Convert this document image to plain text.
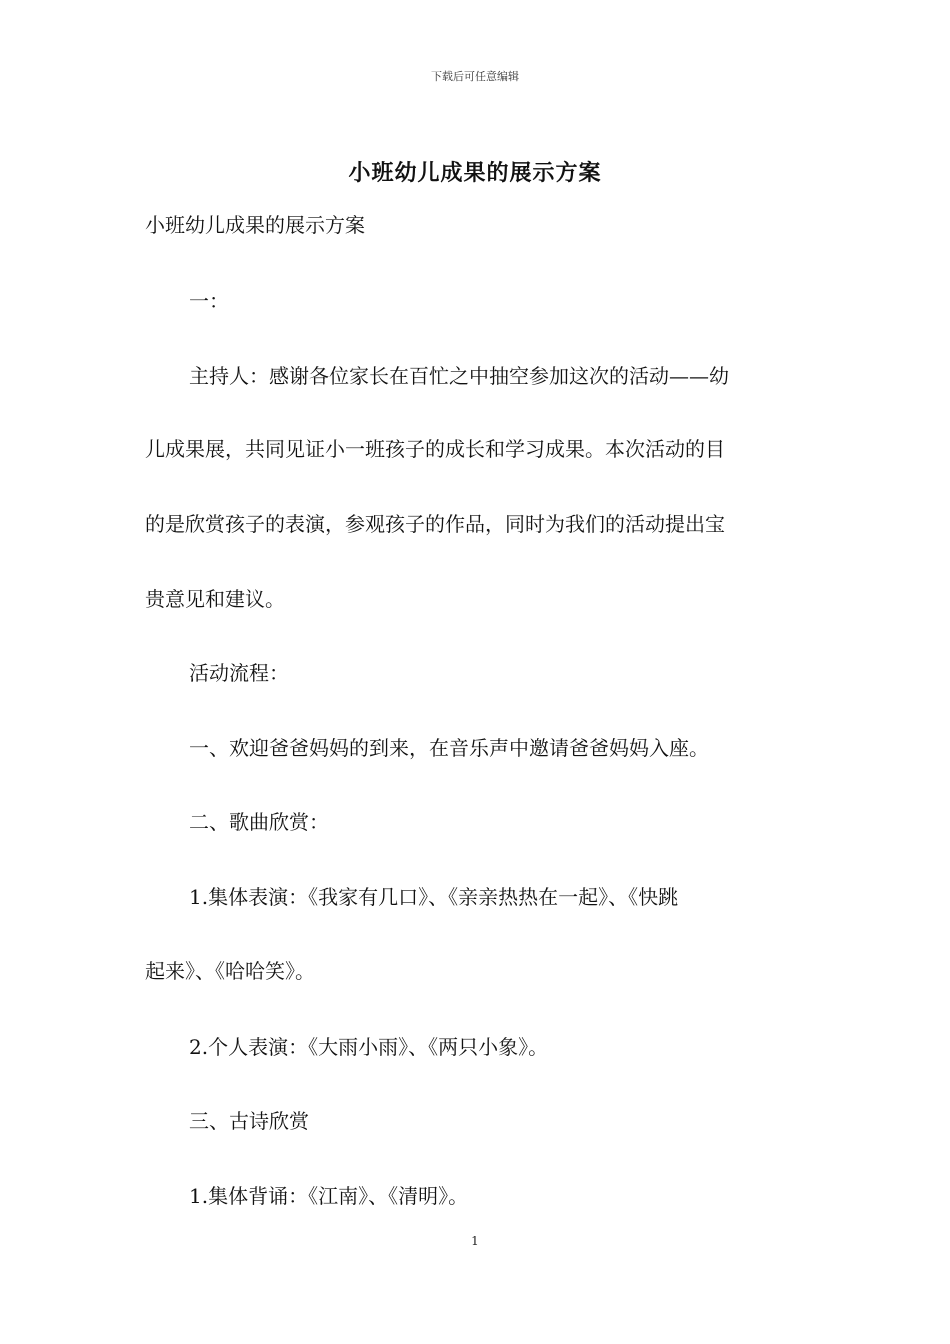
下载后可任意编辑
小班幼儿成果的展示方案

小班幼儿成果的展示方案

一：

主持人：感谢各位家长在百忙之中抽空参加这次的活动——幼

儿成果展，共同见证小一班孩子的成长和学习成果。本次活动的目

的是欣赏孩子的表演，参观孩子的作品，同时为我们的活动提出宝

贵意见和建议。

活动流程：

一、欢迎爸爸妈妈的到来，在音乐声中邀请爸爸妈妈入座。

二、歌曲欣赏：

1.集体表演：《我家有几口》、《亲亲热热在一起》、《快跳

起来》、《哈哈笑》。

2.个人表演：《大雨小雨》、《两只小象》。

三、古诗欣赏

1.集体背诵：《江南》、《清明》。

1
